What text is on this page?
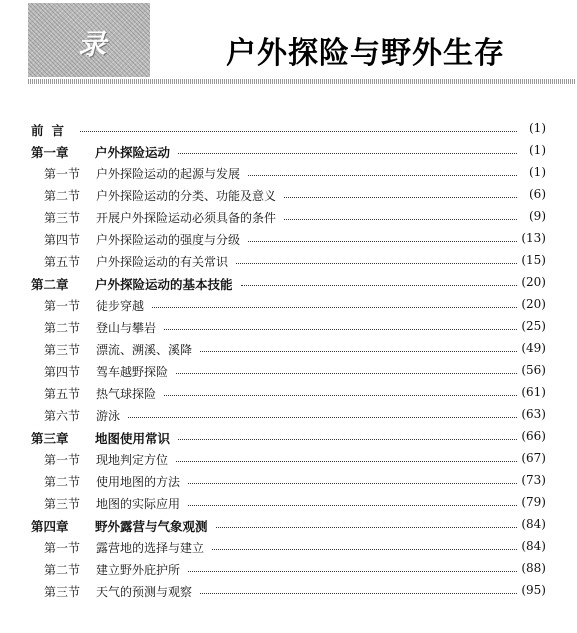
录	户外探险与野外生存
前言	(1)
第一章 户外探险运动	(1)
第一节 户外探险运动的起源与发展	(1)
第二节 户外探险运动的分类、功能及意义	(6)
第三节 开展户外探险运动必须具备的条件	(9)
第四节 户外探险运动的强度与分级	(13)
第五节 户外探险运动的有关常识	(15)
第二章 户外探险运动的基本技能	(20)
第一节 徒步穿越	(20)
第二节 登山与攀岩	(25)
第三节 漂流、溯溪、溪降	(49)
第四节 驾车越野探险	(56)
第五节 热气球探险	(61)
第六节 游泳	(63)
第三章 地图使用常识	(66)
第一节 现地判定方位	(67)
第二节 使用地图的方法	(73)
第三节 地图的实际应用	(79)
第四章 野外露营与气象观测	(84)
第一节 露营地的选择与建立	(84)
第二节 建立野外庇护所	(88)
第三节 天气的预测与观察	(95)
